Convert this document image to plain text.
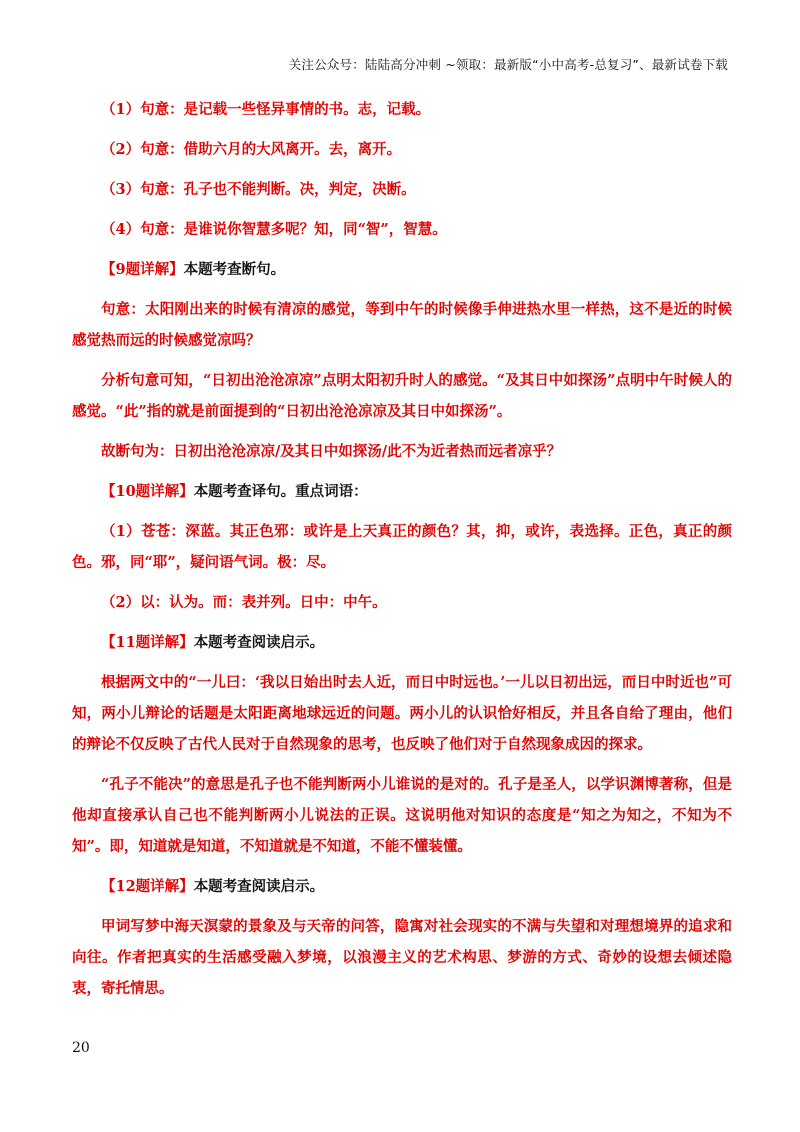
关注公众号：陆陆高分冲刺 ~领取：最新版“小中高考-总复习”、最新试卷下载

（1）句意：是记载一些怪异事情的书。志，记载。

（2）句意：借助六月的大风离开。去，离开。

（3）句意：孔子也不能判断。决，判定，决断。

（4）句意：是谁说你智慧多呢？知，同“智”，智慧。

【9题详解】本题考查断句。

句意：太阳刚出来的时候有清凉的感觉，等到中午的时候像手伸进热水里一样热，这不是近的时候感觉热而远的时候感觉凉吗？

分析句意可知，“日初出沧沧凉凉”点明太阳初升时人的感觉。“及其日中如探汤”点明中午时候人的感觉。“此”指的就是前面提到的“日初出沧沧凉凉及其日中如探汤”。

故断句为：日初出沧沧凉凉/及其日中如探汤/此不为近者热而远者凉乎？

【10题详解】本题考查译句。重点词语：

（1）苍苍：深蓝。其正色邪：或许是上天真正的颜色？其，抑，或许，表选择。正色，真正的颜色。邪，同“耶”，疑问语气词。极：尽。

（2）以：认为。而：表并列。日中：中午。

【11题详解】本题考查阅读启示。

根据两文中的“一儿曰：‘我以日始出时去人近，而日中时远也。’一儿以日初出远，而日中时近也”可知，两小儿辩论的话题是太阳距离地球远近的问题。两小儿的认识恰好相反，并且各自给了理由，他们的辩论不仅反映了古代人民对于自然现象的思考，也反映了他们对于自然现象成因的探求。

“孔子不能决”的意思是孔子也不能判断两小儿谁说的是对的。孔子是圣人，以学识渊博著称，但是他却直接承认自己也不能判断两小儿说法的正误。这说明他对知识的态度是“知之为知之，不知为不知”。即，知道就是知道，不知道就是不知道，不能不懂装懂。

【12题详解】本题考查阅读启示。

甲词写梦中海天溟蒙的景象及与天帝的问答，隐寓对社会现实的不满与失望和对理想境界的追求和向往。作者把真实的生活感受融入梦境，以浪漫主义的艺术构思、梦游的方式、奇妙的设想去倾述隐衷，寄托情思。

20
